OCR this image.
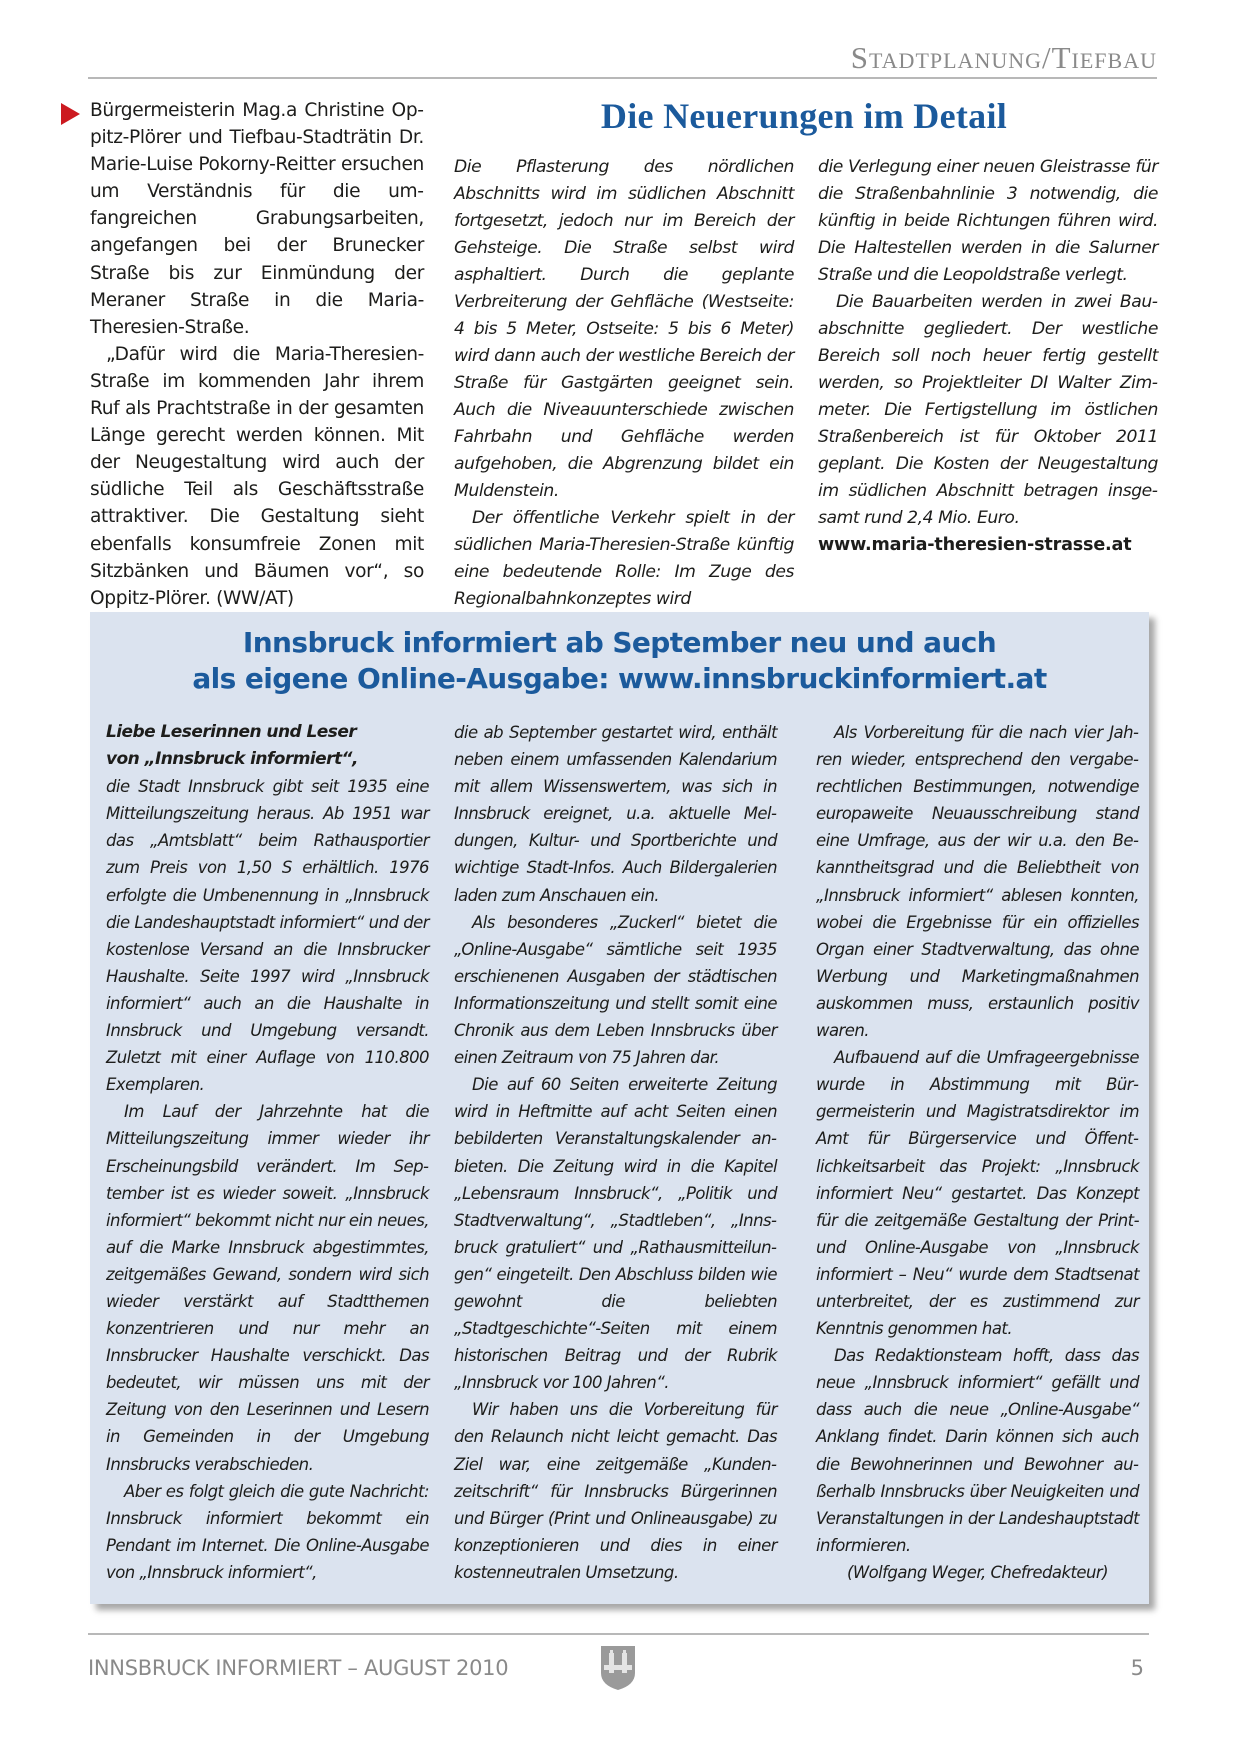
Stadtplanung/Tiefbau

Bürgermeisterin Mag.a Christine Oppitz-Plörer und Tiefbau-Stadträtin Dr. Marie-Luise Pokorny-Reitter ersuchen um Verständnis für die umfangreichen Grabungsarbeiten, angefangen bei der Brunecker Straße bis zur Einmündung der Meraner Straße in die Maria-Theresien-Straße.

„Dafür wird die Maria-Theresien-Straße im kommenden Jahr ihrem Ruf als Prachtstraße in der gesamten Länge gerecht werden können. Mit der Neugestaltung wird auch der südliche Teil als Geschäftsstraße attraktiver. Die Gestaltung sieht ebenfalls konsumfreie Zonen mit Sitzbänken und Bäumen vor“, so Oppitz-Plörer. (WW/AT)

Die Neuerungen im Detail

Die Pflasterung des nördlichen Abschnitts wird im südlichen Abschnitt fortgesetzt, jedoch nur im Bereich der Gehsteige. Die Straße selbst wird asphaltiert. Durch die geplante Verbreiterung der Gehfläche (Westseite: 4 bis 5 Meter, Ostseite: 5 bis 6 Meter) wird dann auch der westliche Bereich der Straße für Gastgärten geeignet sein. Auch die Niveauunterschiede zwischen Fahrbahn und Gehfläche werden aufgehoben, die Abgrenzung bildet ein Muldenstein.

Der öffentliche Verkehr spielt in der südlichen Maria-Theresien-Straße künftig eine bedeutende Rolle: Im Zuge des Regionalbahnkonzeptes wird

die Verlegung einer neuen Gleistrasse für die Straßenbahnlinie 3 notwendig, die künftig in beide Richtungen führen wird. Die Haltestellen werden in die Salurner Straße und die Leopoldstraße verlegt.

Die Bauarbeiten werden in zwei Bauabschnitte gegliedert. Der westliche Bereich soll noch heuer fertig gestellt werden, so Projektleiter DI Walter Zimmeter. Die Fertigstellung im östlichen Straßenbereich ist für Oktober 2011 geplant. Die Kosten der Neugestaltung im südlichen Abschnitt betragen insgesamt rund 2,4 Mio. Euro.

www.maria-theresien-strasse.at

Innsbruck informiert ab September neu und auch
als eigene Online-Ausgabe: www.innsbruckinformiert.at

Liebe Leserinnen und Leser

von „Innsbruck informiert“,

die Stadt Innsbruck gibt seit 1935 eine Mitteilungszeitung heraus. Ab 1951 war das „Amtsblatt“ beim Rathausportier zum Preis von 1,50 S erhältlich. 1976 erfolgte die Umbenennung in „Innsbruck die Landeshauptstadt informiert“ und der kostenlose Versand an die Innsbrucker Haushalte. Seite 1997 wird „Innsbruck informiert“ auch an die Haushalte in Innsbruck und Umgebung versandt. Zuletzt mit einer Auflage von 110.800 Exemplaren.

Im Lauf der Jahrzehnte hat die Mitteilungszeitung immer wieder ihr Erscheinungsbild verändert. Im September ist es wieder soweit. „Innsbruck informiert“ bekommt nicht nur ein neues, auf die Marke Innsbruck abgestimmtes, zeitgemäßes Gewand, sondern wird sich wieder verstärkt auf Stadtthemen konzentrieren und nur mehr an Innsbrucker Haushalte verschickt. Das bedeutet, wir müssen uns mit der Zeitung von den Leserinnen und Lesern in Gemeinden in der Umgebung Innsbrucks verabschieden.

Aber es folgt gleich die gute Nachricht: Innsbruck informiert bekommt ein Pendant im Internet. Die Online-Ausgabe von „Innsbruck informiert“,

die ab September gestartet wird, enthält neben einem umfassenden Kalendarium mit allem Wissenswertem, was sich in Innsbruck ereignet, u.a. aktuelle Meldungen, Kultur- und Sportberichte und wichtige Stadt-Infos. Auch Bildergalerien laden zum Anschauen ein.

Als besonderes „Zuckerl“ bietet die „Online-Ausgabe“ sämtliche seit 1935 erschienenen Ausgaben der städtischen Informationszeitung und stellt somit eine Chronik aus dem Leben Innsbrucks über einen Zeitraum von 75 Jahren dar.

Die auf 60 Seiten erweiterte Zeitung wird in Heftmitte auf acht Seiten einen bebilderten Veranstaltungskalender anbieten. Die Zeitung wird in die Kapitel „Lebensraum Innsbruck“, „Politik und Stadtverwaltung“, „Stadtleben“, „Innsbruck gratuliert“ und „Rathausmitteilungen“ eingeteilt. Den Abschluss bilden wie gewohnt die beliebten „Stadtgeschichte“-Seiten mit einem historischen Beitrag und der Rubrik „Innsbruck vor 100 Jahren“.

Wir haben uns die Vorbereitung für den Relaunch nicht leicht gemacht. Das Ziel war, eine zeitgemäße „Kundenzeitschrift“ für Innsbrucks Bürgerinnen und Bürger (Print und Onlineausgabe) zu konzeptionieren und dies in einer kostenneutralen Umsetzung.

Als Vorbereitung für die nach vier Jahren wieder, entsprechend den vergaberechtlichen Bestimmungen, notwendige europaweite Neuausschreibung stand eine Umfrage, aus der wir u.a. den Bekanntheitsgrad und die Beliebtheit von „Innsbruck informiert“ ablesen konnten, wobei die Ergebnisse für ein offizielles Organ einer Stadtverwaltung, das ohne Werbung und Marketingmaßnahmen auskommen muss, erstaunlich positiv waren.

Aufbauend auf die Umfrageergebnisse wurde in Abstimmung mit Bürgermeisterin und Magistratsdirektor im Amt für Bürgerservice und Öffentlichkeitsarbeit das Projekt: „Innsbruck informiert Neu“ gestartet. Das Konzept für die zeitgemäße Gestaltung der Print- und Online-Ausgabe von „Innsbruck informiert – Neu“ wurde dem Stadtsenat unterbreitet, der es zustimmend zur Kenntnis genommen hat.

Das Redaktionsteam hofft, dass das neue „Innsbruck informiert“ gefällt und dass auch die neue „Online-Ausgabe“ Anklang findet. Darin können sich auch die Bewohnerinnen und Bewohner außerhalb Innsbrucks über Neuigkeiten und Veranstaltungen in der Landeshauptstadt informieren.

(Wolfgang Weger, Chefredakteur)

INNSBRUCK INFORMIERT – AUGUST 2010	5
